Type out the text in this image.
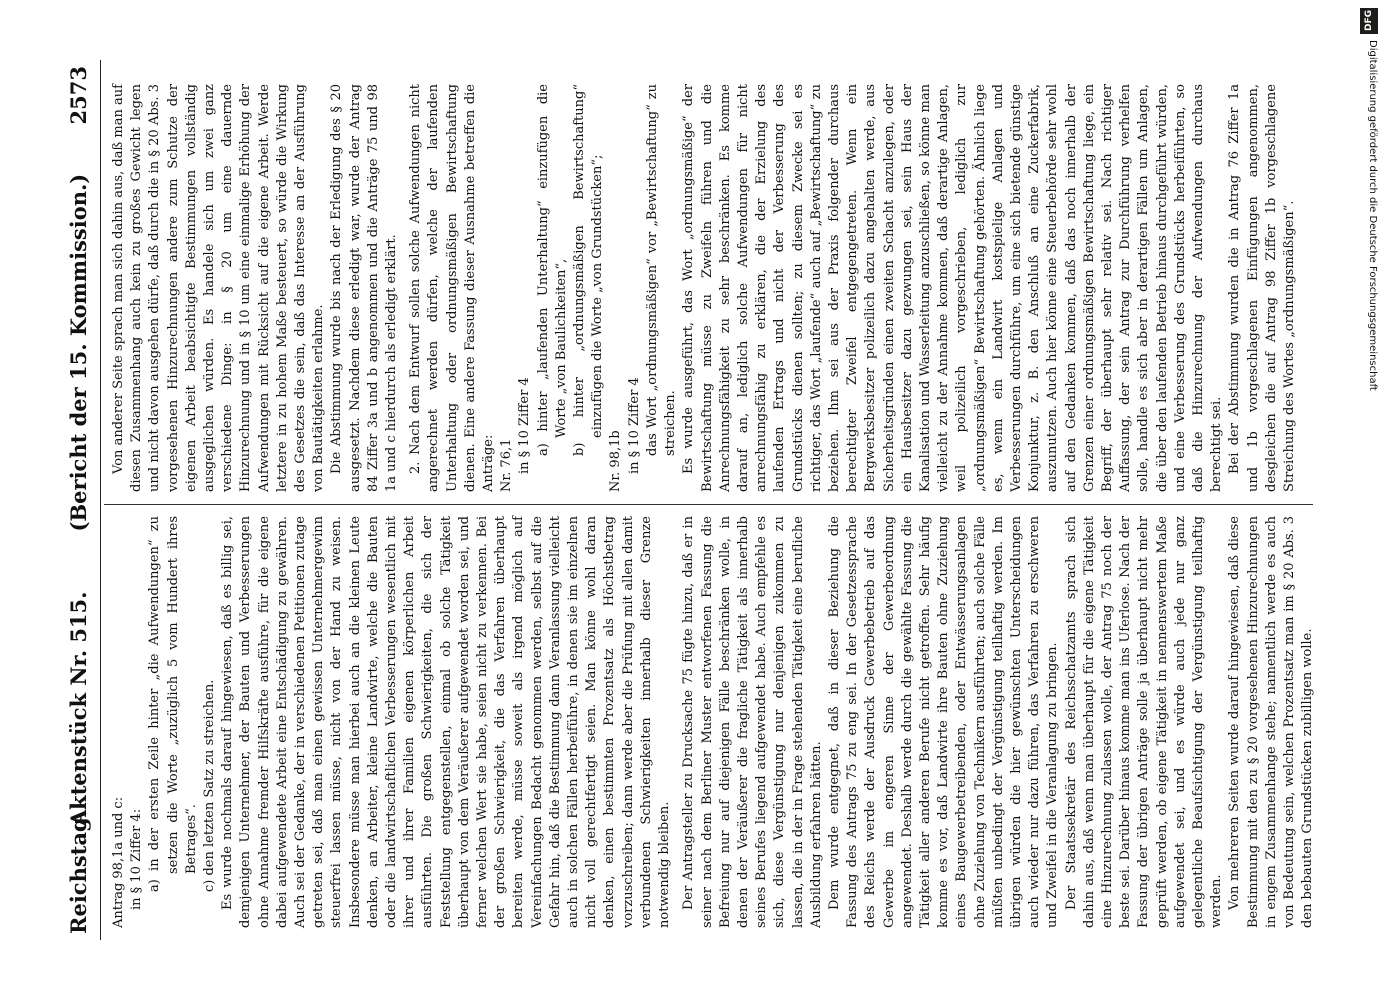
Reichstag.
Aktenstück Nr. 515.(Bericht der 15. Kommission.)
2573

Antrag 98,1a und c: in § 10 Ziffer 4: a) in der ersten Zeile hinter „die Aufwendungen“ zu setzen die Worte „zuzüglich 5 vom Hundert ihres Betrages“. c) den letzten Satz zu streichen. Es wurde nochmals darauf hingewiesen, daß es billig sei, demjenigen Unternehmer, der Bauten und Verbesserungen ohne Annahme fremder Hilfskräfte ausführe, für die eigene dabei aufgewendete Arbeit eine Entschädigung zu gewähren. Auch sei der Gedanke, der in verschiedenen Petitionen zutage getreten sei, daß man einen gewissen Unternehmergewinn steuerfrei lassen müsse, nicht von der Hand zu weisen. Insbesondere müsse man hierbei auch an die kleinen Leute denken, an Arbeiter, kleine Landwirte, welche die Bauten oder die landwirtschaftlichen Verbesserungen wesentlich mit ihrer und ihrer Familien eigenen körperlichen Arbeit ausführten. Die großen Schwierigkeiten, die sich der Feststellung entgegenstellen, einmal ob solche Tätigkeit überhaupt von dem Veräußerer aufgewendet worden sei, und ferner welchen Wert sie habe, seien nicht zu verkennen. Bei der großen Schwierigkeit, die das Verfahren überhaupt bereiten werde, müsse soweit als irgend möglich auf Vereinfachungen Bedacht genommen werden, selbst auf die Gefahr hin, daß die Bestimmung dann Veranlassung vielleicht auch in solchen Fällen herbeiführe, in denen sie im einzelnen nicht voll gerechtfertigt seien. Man könne wohl daran denken, einen bestimmten Prozentsatz als Höchstbetrag vorzuschreiben; dann werde aber die Prüfung mit allen damit verbundenen Schwierigkeiten innerhalb dieser Grenze notwendig bleiben. Der Antragsteller zu Drucksache 75 fügte hinzu, daß er in seiner nach dem Berliner Muster entworfenen Fassung die Befreiung nur auf diejenigen Fälle beschränken wolle, in denen der Veräußerer die fragliche Tätigkeit als innerhalb seines Berufes liegend aufgewendet habe. Auch empfehle es sich, diese Vergünstigung nur denjenigen zukommen zu lassen, die in der in Frage stehenden Tätigkeit eine berufliche Ausbildung erfahren hätten. Dem wurde entgegnet, daß in dieser Beziehung die Fassung des Antrags 75 zu eng sei. In der Gesetzessprache des Reichs werde der Ausdruck Gewerbebetrieb auf das Gewerbe im engeren Sinne der Gewerbeordnung angewendet. Deshalb werde durch die gewählte Fassung die Tätigkeit aller anderen Berufe nicht getroffen. Sehr häufig komme es vor, daß Landwirte ihre Bauten ohne Zuziehung eines Baugewerbetreibenden, oder Entwässerungsanlagen ohne Zuziehung von Technikern ausführten; auch solche Fälle müßten unbedingt der Vergünstigung teilhaftig werden. Im übrigen würden die hier gewünschten Unterscheidungen auch wieder nur dazu führen, das Verfahren zu erschweren und Zweifel in die Veranlagung zu bringen. Der Staatssekretär des Reichsschatzamts sprach sich dahin aus, daß wenn man überhaupt für die eigene Tätigkeit eine Hinzurechnung zulassen wolle, der Antrag 75 noch der beste sei. Darüber hinaus komme man ins Uferlose. Nach der Fassung der übrigen Anträge solle ja überhaupt nicht mehr geprüft werden, ob eigene Tätigkeit in nennenswertem Maße aufgewendet sei, und es würde auch jede nur ganz gelegentliche Beaufsichtigung der Vergünstigung teilhaftig werden. Von mehreren Seiten wurde darauf hingewiesen, daß diese Bestimmung mit den zu § 20 vorgesehenen Hinzurechnungen in engem Zusammenhange stehe; namentlich werde es auch von Bedeutung sein, welchen Prozentsatz man im § 20 Abs. 3 den bebauten Grundstücken zubilligen wolle.

Von anderer Seite sprach man sich dahin aus, daß man auf diesen Zusammenhang auch kein zu großes Gewicht legen und nicht davon ausgehen dürfe, daß durch die in § 20 Abs. 3 vorgesehenen Hinzurechnungen andere zum Schutze der eigenen Arbeit beabsichtigte Bestimmungen vollständig ausgeglichen würden. Es handele sich um zwei ganz verschiedene Dinge: in § 20 um eine dauernde Hinzurechnung und in § 10 um eine einmalige Erhöhung der Aufwendungen mit Rücksicht auf die eigene Arbeit. Werde letztere in zu hohem Maße besteuert, so würde die Wirkung des Gesetzes die sein, daß das Interesse an der Ausführung von Bautätigkeiten erlahme. Die Abstimmung wurde bis nach der Erledigung des § 20 ausgesetzt. Nachdem diese erledigt war, wurde der Antrag 84 Ziffer 3a und b angenommen und die Anträge 75 und 98 1a und c hierdurch als erledigt erklärt. 2. Nach dem Entwurf sollen solche Aufwendungen nicht angerechnet werden dürfen, welche der laufenden Unterhaltung oder ordnungsmäßigen Bewirtschaftung dienen. Eine andere Fassung dieser Ausnahme betreffen die Anträge: Nr. 76,1 in § 10 Ziffer 4 a) hinter „laufenden Unterhaltung“ einzufügen die Worte „von Baulichkeiten“, b) hinter „ordnungsmäßigen Bewirtschaftung“ einzufügen die Worte „von Grundstücken“;

Nr. 98,1b in § 10 Ziffer 4 das Wort „ordnungsmäßigen“ vor „Bewirtschaftung“ zu streichen. Es wurde ausgeführt, das Wort „ordnungsmäßige“ der Bewirtschaftung müsse zu Zweifeln führen und die Anrechnungsfähigkeit zu sehr beschränken. Es komme darauf an, lediglich solche Aufwendungen für nicht anrechnungsfähig zu erklären, die der Erzielung des laufenden Ertrags und nicht der Verbesserung des Grundstücks dienen sollten; zu diesem Zwecke sei es richtiger, das Wort „laufende“ auch auf „Bewirtschaftung“ zu beziehen. Ihm sei aus der Praxis folgender durchaus berechtigter Zweifel entgegengetreten. Wenn ein Bergwerksbesitzer polizeilich dazu angehalten werde, aus Sicherheitsgründen einen zweiten Schacht anzulegen, oder ein Hausbesitzer dazu gezwungen sei, sein Haus der Kanalisation und Wasserleitung anzuschließen, so könne man vielleicht zu der Annahme kommen, daß derartige Anlagen, weil polizeilich vorgeschrieben, lediglich zur „ordnungsmäßigen“ Bewirtschaftung gehörten. Ähnlich liege es, wenn ein Landwirt kostspielige Anlagen und Verbesserungen durchführe, um eine sich bietende günstige Konjunktur, z. B. den Anschluß an eine Zuckerfabrik, auszunutzen. Auch hier könne eine Steuerbehörde sehr wohl auf den Gedanken kommen, daß das noch innerhalb der Grenzen einer ordnungsmäßigen Bewirtschaftung liege, ein Begriff, der überhaupt sehr relativ sei. Nach richtiger Auffassung, der sein Antrag zur Durchführung verhelfen solle, handle es sich aber in derartigen Fällen um Anlagen, die über den laufenden Betrieb hinaus durchgeführt würden, und eine Verbesserung des Grundstücks herbeiführten, so daß die Hinzurechnung der Aufwendungen durchaus berechtigt sei. Bei der Abstimmung wurden die in Antrag 76 Ziffer 1a und 1b vorgeschlagenen Einfügungen angenommen, desgleichen die auf Antrag 98 Ziffer 1b vorgeschlagene Streichung des Wortes „ordnungsmäßigen“.

DFG
Digitalisierung gefördert durch die Deutsche Forschungsgemeinschaft
